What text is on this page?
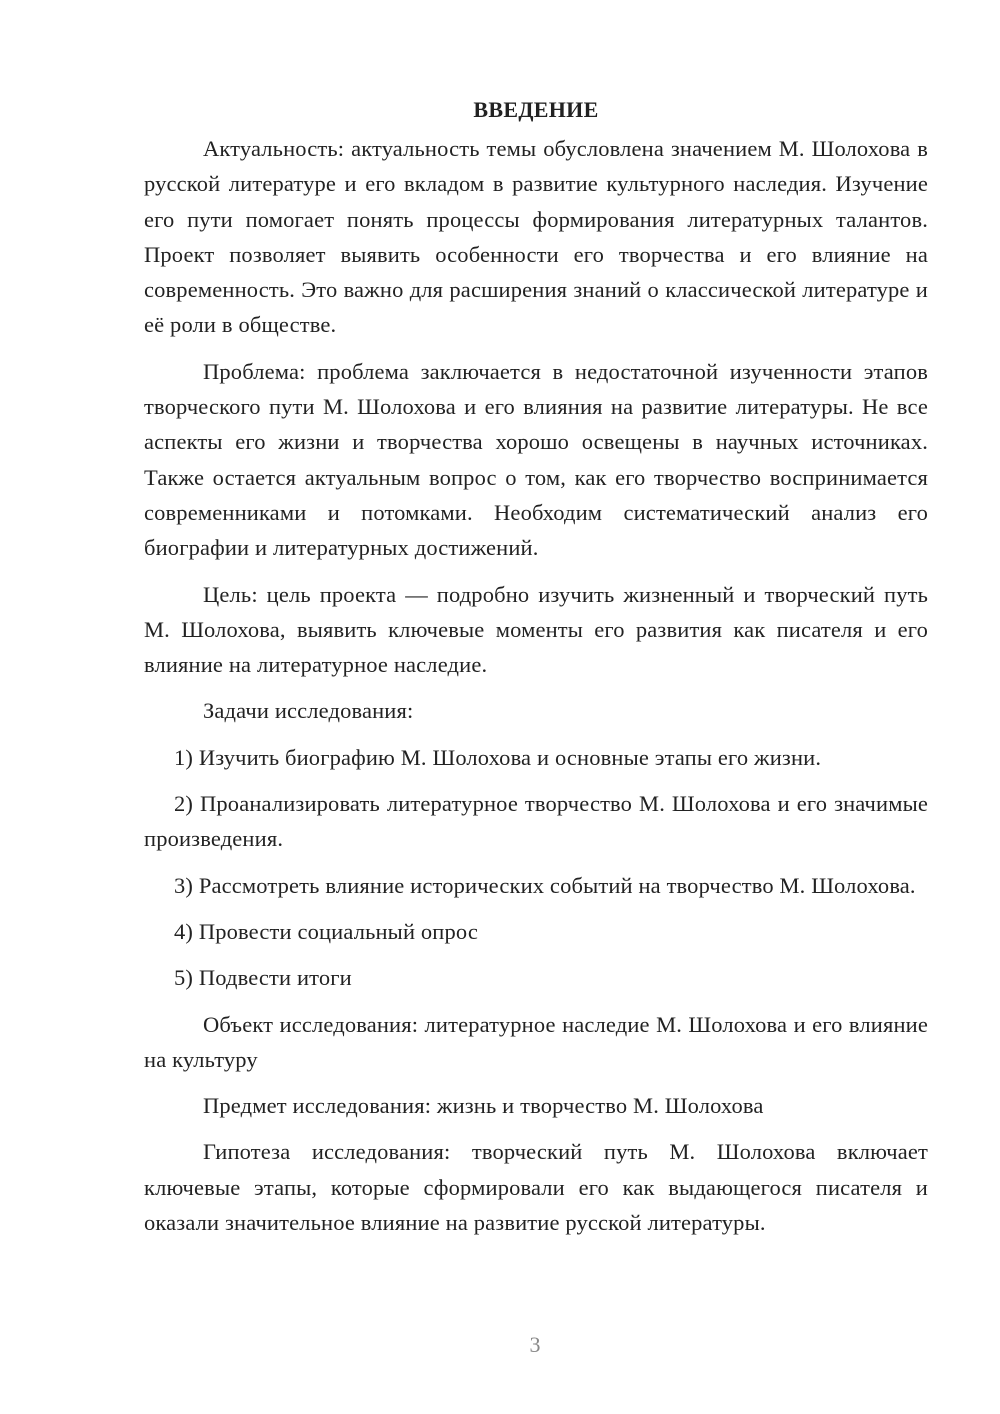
ВВЕДЕНИЕ

Актуальность: актуальность темы обусловлена значением М. Шолохова в русской литературе и его вкладом в развитие культурного наследия. Изучение его пути помогает понять процессы формирования литературных талантов. Проект позволяет выявить особенности его творчества и его влияние на современность. Это важно для расширения знаний о классической литературе и её роли в обществе.

Проблема: проблема заключается в недостаточной изученности этапов творческого пути М. Шолохова и его влияния на развитие литературы. Не все аспекты его жизни и творчества хорошо освещены в научных источниках. Также остается актуальным вопрос о том, как его творчество воспринимается современниками и потомками. Необходим систематический анализ его биографии и литературных достижений.

Цель: цель проекта — подробно изучить жизненный и творческий путь М. Шолохова, выявить ключевые моменты его развития как писателя и его влияние на литературное наследие.

Задачи исследования:

1) Изучить биографию М. Шолохова и основные этапы его жизни.

2) Проанализировать литературное творчество М. Шолохова и его значимые произведения.

3) Рассмотреть влияние исторических событий на творчество М. Шолохова.

4) Провести социальный опрос

5) Подвести итоги

Объект исследования: литературное наследие М. Шолохова и его влияние на культуру

Предмет исследования: жизнь и творчество М. Шолохова

Гипотеза исследования: творческий путь М. Шолохова включает ключевые этапы, которые сформировали его как выдающегося писателя и оказали значительное влияние на развитие русской литературы.

3
